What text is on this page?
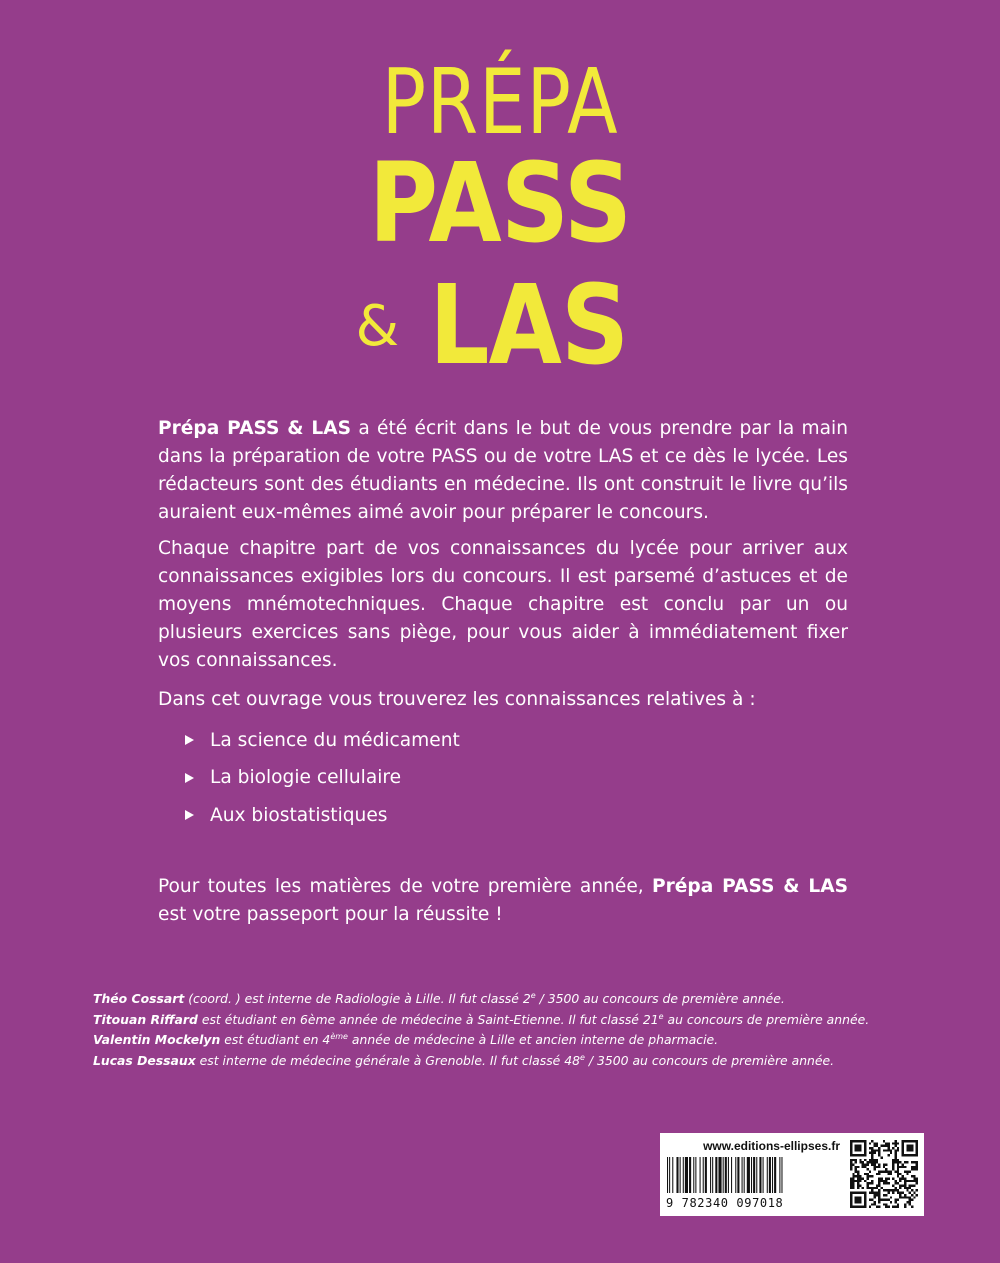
PRÉPA
PASS
& LAS
Prépa PASS & LAS a été écrit dans le but de vous prendre par la main dans la préparation de votre PASS ou de votre LAS et ce dès le lycée. Les rédacteurs sont des étudiants en médecine. Ils ont construit le livre qu’ils auraient eux-mêmes aimé avoir pour préparer le concours.
Chaque chapitre part de vos connaissances du lycée pour arriver aux connaissances exigibles lors du concours. Il est parsemé d’astuces et de moyens mnémotechniques. Chaque chapitre est conclu par un ou plusieurs exercices sans piège, pour vous aider à immédiatement fixer vos connaissances.
Dans cet ouvrage vous trouverez les connaissances relatives à :
La science du médicament
La biologie cellulaire
Aux biostatistiques
Pour toutes les matières de votre première année, Prépa PASS & LAS est votre passeport pour la réussite !
Théo Cossart (coord. ) est interne de Radiologie à Lille. Il fut classé 2e / 3500 au concours de première année.
Titouan Riffard est étudiant en 6ème année de médecine à Saint-Etienne. Il fut classé 21e au concours de première année.
Valentin Mockelyn est étudiant en 4ème année de médecine à Lille et ancien interne de pharmacie.
Lucas Dessaux est interne de médecine générale à Grenoble. Il fut classé 48e / 3500 au concours de première année.
www.editions-ellipses.fr
9 782340 097018
